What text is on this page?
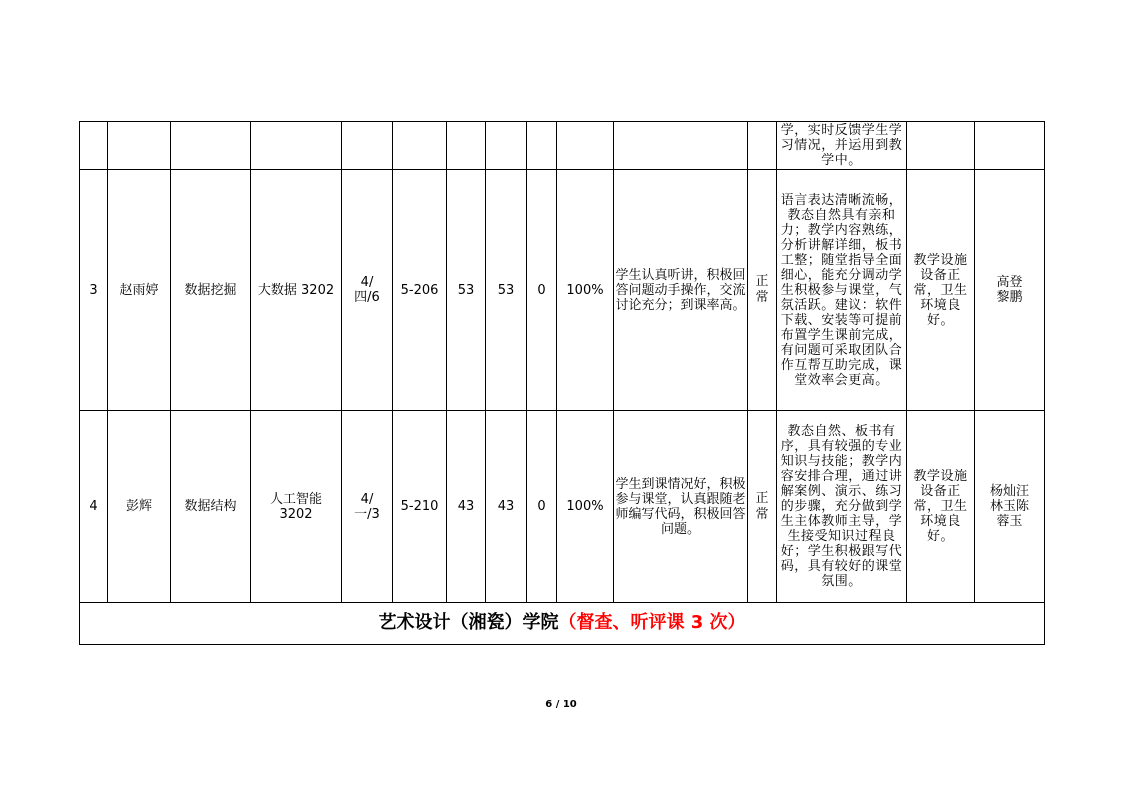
												学，实时反馈学生学习情况，并运用到教学中。		
3	赵雨婷	数据挖掘	大数据 3202	4/四/6	5-206	53	53	0	100%	学生认真听讲，积极回答问题动手操作，交流讨论充分；到课率高。	正常	语言表达清晰流畅，教态自然具有亲和力；教学内容熟练，分析讲解详细，板书工整；随堂指导全面细心，能充分调动学生积极参与课堂，气氛活跃。建议：软件下载、安装等可提前布置学生课前完成，有问题可采取团队合作互帮互助完成，课堂效率会更高。	教学设施设备正常，卫生环境良好。	高登黎鹏
4	彭辉	数据结构	人工智能3202	4/一/3	5-210	43	43	0	100%	学生到课情况好，积极参与课堂，认真跟随老师编写代码，积极回答问题。	正常	教态自然、板书有序，具有较强的专业知识与技能；教学内容安排合理，通过讲解案例、演示、练习的步骤，充分做到学生主体教师主导，学生接受知识过程良好；学生积极跟写代码，具有较好的课堂氛围。	教学设施设备正常，卫生环境良好。	杨灿汪林玉陈蓉玉
艺术设计（湘瓷）学院（督查、听评课 3 次）														
6 / 10
